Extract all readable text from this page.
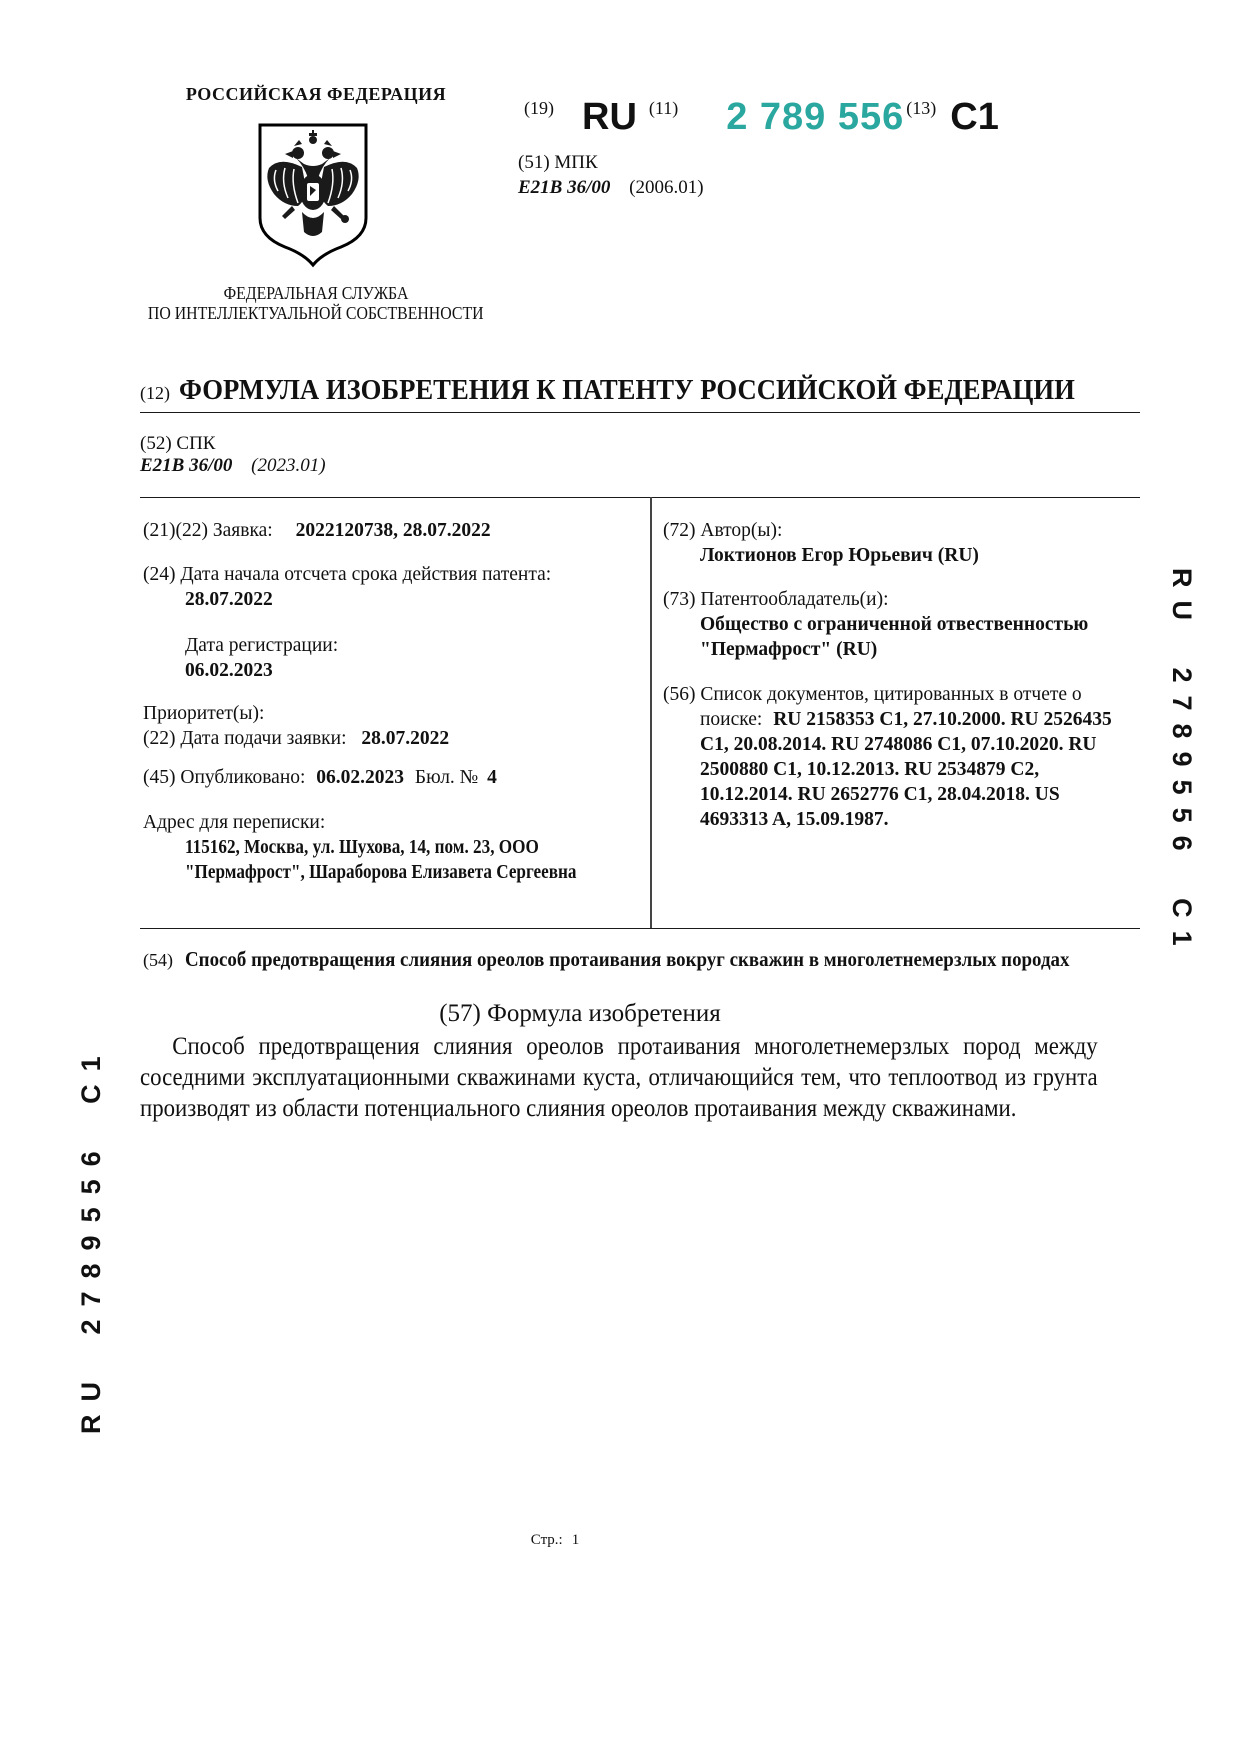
РОССИЙСКАЯ ФЕДЕРАЦИЯ
ФЕДЕРАЛЬНАЯ СЛУЖБА
ПО ИНТЕЛЛЕКТУАЛЬНОЙ СОБСТВЕННОСТИ
(19) RU (11) 2 789 556 (13) C1
(51) МПК
E21B 36/00 (2006.01)
(12) ФОРМУЛА ИЗОБРЕТЕНИЯ К ПАТЕНТУ РОССИЙСКОЙ ФЕДЕРАЦИИ
(52) СПК
E21B 36/00 (2023.01)
(21)(22) Заявка: 2022120738, 28.07.2022
(24) Дата начала отсчета срока действия патента:
28.07.2022
Дата регистрации:
06.02.2023
Приоритет(ы):
(22) Дата подачи заявки: 28.07.2022
(45) Опубликовано: 06.02.2023 Бюл. № 4
Адрес для переписки:
115162, Москва, ул. Шухова, 14, пом. 23, ООО "Пермафрост", Шараборова Елизавета Сергеевна
(72) Автор(ы):
Локтионов Егор Юрьевич (RU)
(73) Патентообладатель(и):
Общество с ограниченной отвественностью "Пермафрост" (RU)
(56) Список документов, цитированных в отчете о поиске: RU 2158353 C1, 27.10.2000. RU 2526435 C1, 20.08.2014. RU 2748086 C1, 07.10.2020. RU 2500880 C1, 10.12.2013. RU 2534879 C2, 10.12.2014. RU 2652776 C1, 28.04.2018. US 4693313 A, 15.09.1987.
(54) Способ предотвращения слияния ореолов протаивания вокруг скважин в многолетнемерзлых породах
(57) Формула изобретения
Способ предотвращения слияния ореолов протаивания многолетнемерзлых пород между соседними эксплуатационными скважинами куста, отличающийся тем, что теплоотвод из грунта производят из области потенциального слияния ореолов протаивания между скважинами.
RU 2789556 C1
RU 2789556 C1
Стр.: 1
